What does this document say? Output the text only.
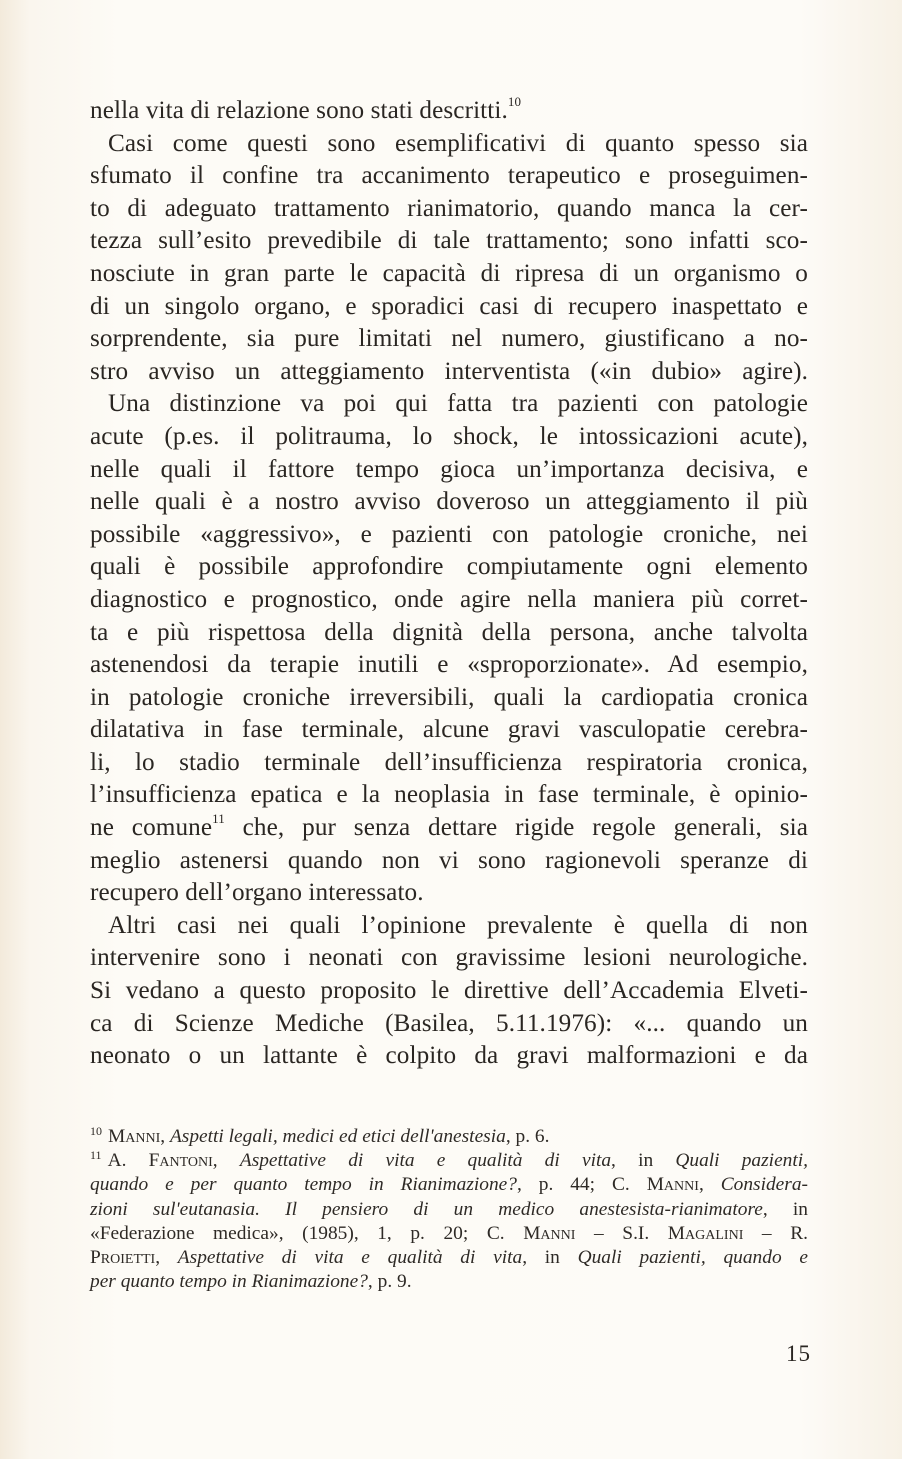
nella vita di relazione sono stati descritti.$^{10}$
Casi come questi sono esemplificativi di quanto spesso sia
sfumato il confine tra accanimento terapeutico e proseguimen-
to di adeguato trattamento rianimatorio, quando manca la cer-
tezza sull’esito prevedibile di tale trattamento; sono infatti sco-
nosciute in gran parte le capacità di ripresa di un organismo o
di un singolo organo, e sporadici casi di recupero inaspettato e
sorprendente, sia pure limitati nel numero, giustificano a no-
stro avviso un atteggiamento interventista («in dubio» agire).
Una distinzione va poi qui fatta tra pazienti con patologie
acute (p.es. il politrauma, lo shock, le intossicazioni acute),
nelle quali il fattore tempo gioca un’importanza decisiva, e
nelle quali è a nostro avviso doveroso un atteggiamento il più
possibile «aggressivo», e pazienti con patologie croniche, nei
quali è possibile approfondire compiutamente ogni elemento
diagnostico e prognostico, onde agire nella maniera più corret-
ta e più rispettosa della dignità della persona, anche talvolta
astenendosi da terapie inutili e «sproporzionate». Ad esempio,
in patologie croniche irreversibili, quali la cardiopatia cronica
dilatativa in fase terminale, alcune gravi vasculopatie cerebra-
li, lo stadio terminale dell’insufficienza respiratoria cronica,
l’insufficienza epatica e la neoplasia in fase terminale, è opinio-
ne comune$^{11}$ che, pur senza dettare rigide regole generali, sia
meglio astenersi quando non vi sono ragionevoli speranze di
recupero dell’organo interessato.
Altri casi nei quali l’opinione prevalente è quella di non
intervenire sono i neonati con gravissime lesioni neurologiche.
Si vedano a questo proposito le direttive dell’Accademia Elveti-
ca di Scienze Mediche (Basilea, 5.11.1976): «... quando un
neonato o un lattante è colpito da gravi malformazioni e da
$^{10}$ Manni, Aspetti legali, medici ed etici dell'anestesia, p. 6.
$^{11}$ A. Fantoni, Aspettative di vita e qualità di vita, in Quali pazienti,
quando e per quanto tempo in Rianimazione?, p. 44; C. Manni, Considera-
zioni sul'eutanasia. Il pensiero di un medico anestesista-rianimatore, in
«Federazione medica», (1985), 1, p. 20; C. Manni – S.I. Magalini – R.
Proietti, Aspettative di vita e qualità di vita, in Quali pazienti, quando e
per quanto tempo in Rianimazione?, p. 9.
15
